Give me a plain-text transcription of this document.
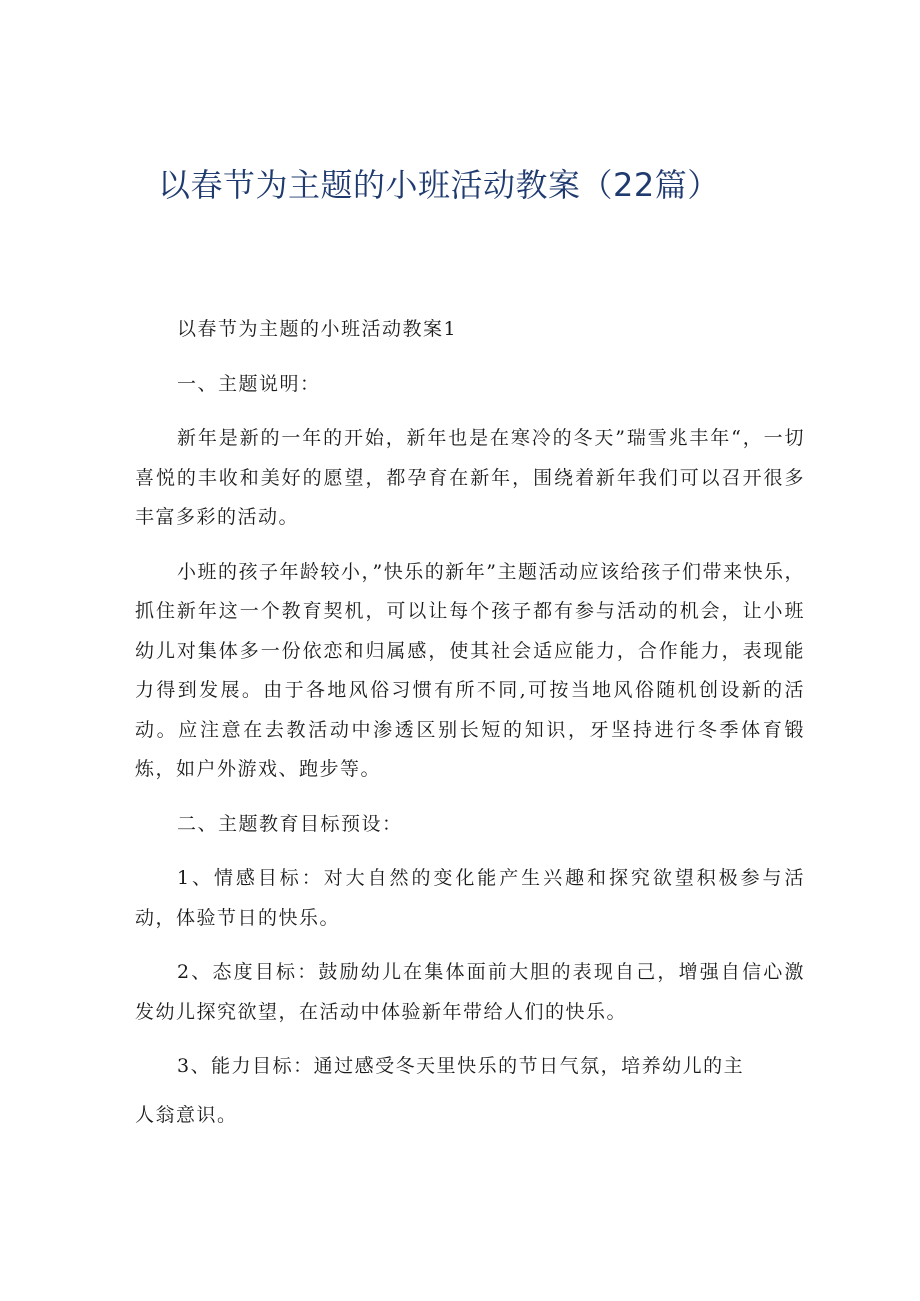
以春节为主题的小班活动教案（22篇）

以春节为主题的小班活动教案1

一、主题说明：

新年是新的一年的开始，新年也是在寒冷的冬天”瑞雪兆丰年“，一切喜悦的丰收和美好的愿望，都孕育在新年，围绕着新年我们可以召开很多丰富多彩的活动。

小班的孩子年龄较小，”快乐的新年”主题活动应该给孩子们带来快乐，抓住新年这一个教育契机，可以让每个孩子都有参与活动的机会，让小班幼儿对集体多一份依恋和归属感，使其社会适应能力，合作能力，表现能力得到发展。由于各地风俗习惯有所不同,可按当地风俗随机创设新的活动。应注意在去教活动中渗透区别长短的知识，牙坚持进行冬季体育锻炼，如户外游戏、跑步等。

二、主题教育目标预设：

1、情感目标：对大自然的变化能产生兴趣和探究欲望积极参与活动，体验节日的快乐。

2、态度目标：鼓励幼儿在集体面前大胆的表现自己，增强自信心激发幼儿探究欲望，在活动中体验新年带给人们的快乐。

3、能力目标：通过感受冬天里快乐的节日气氛，培养幼儿的主

人翁意识。
